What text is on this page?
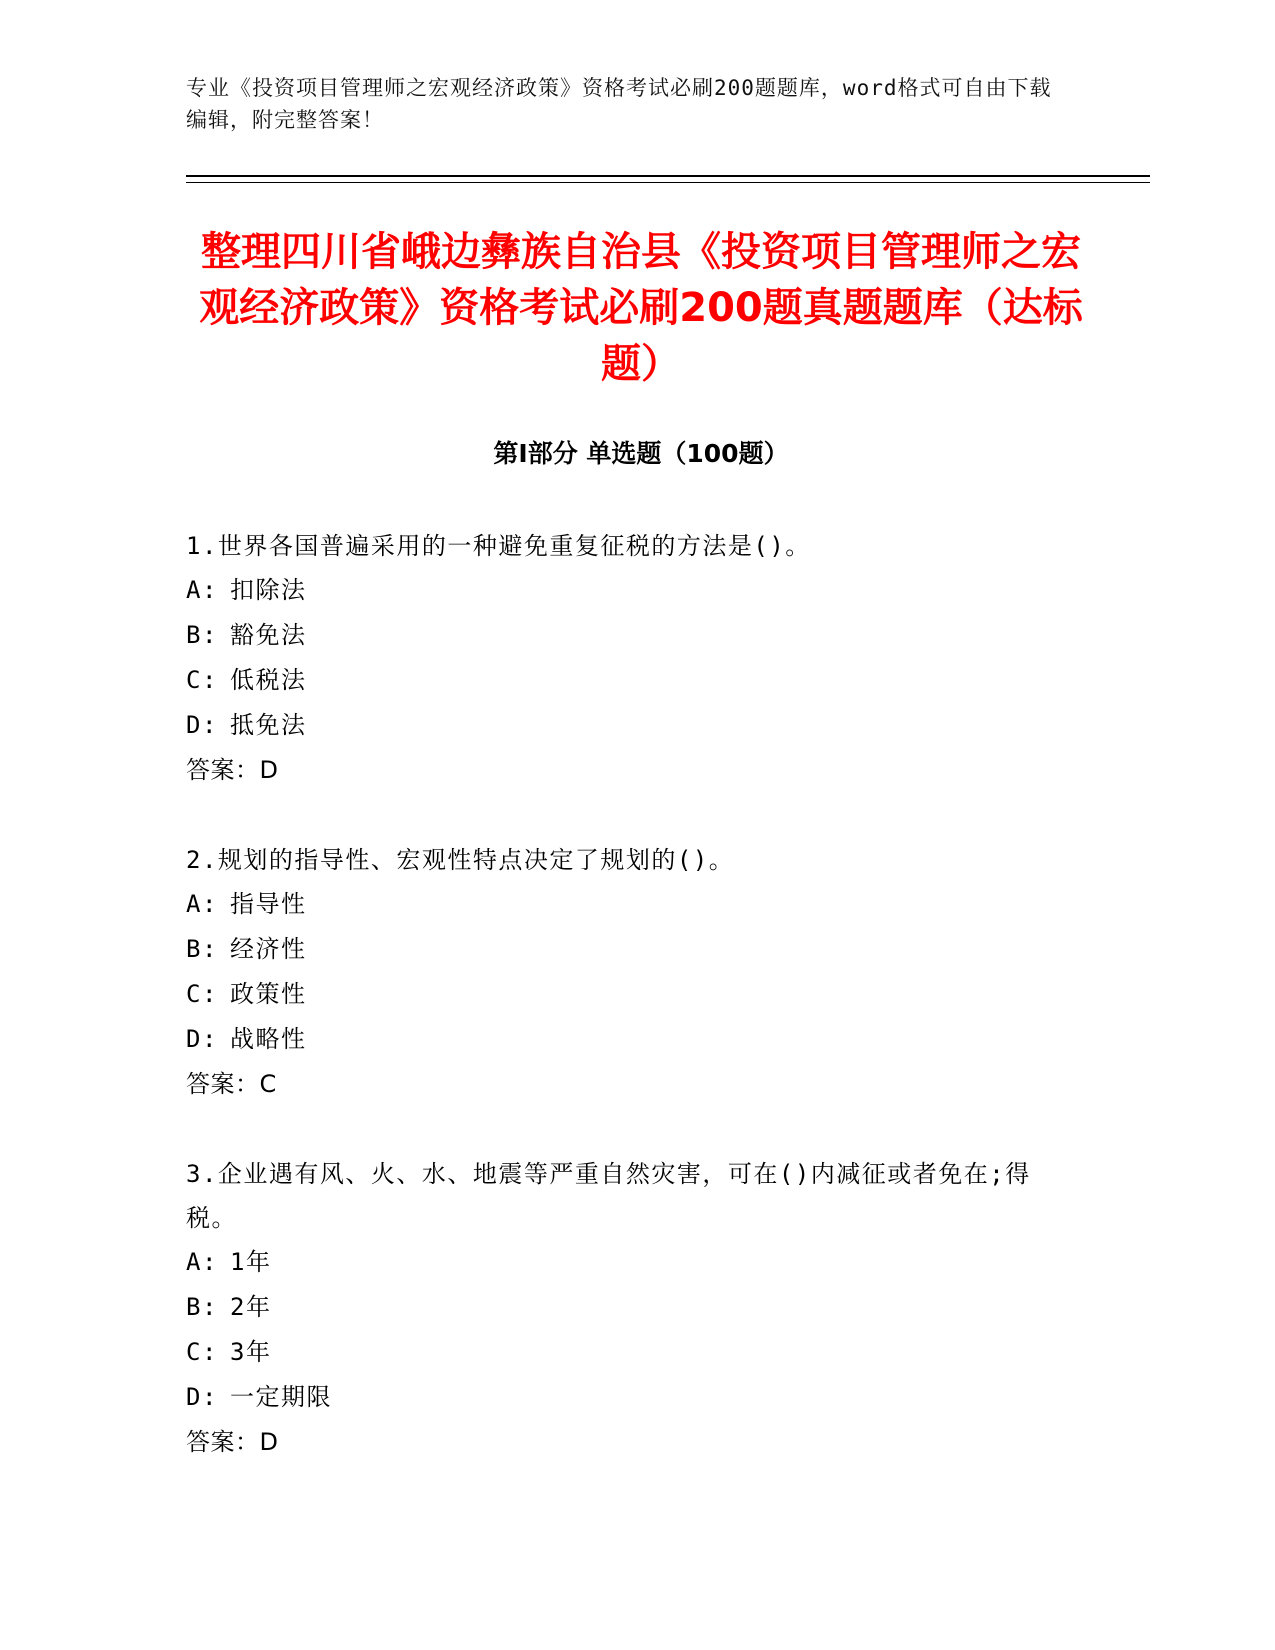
专业《投资项目管理师之宏观经济政策》资格考试必刷200题题库，word格式可自由下载编辑，附完整答案！

整理四川省峨边彝族自治县《投资项目管理师之宏观经济政策》资格考试必刷200题真题题库（达标题）
第I部分 单选题（100题）

1.世界各国普遍采用的一种避免重复征税的方法是()。

A: 扣除法

B: 豁免法

C: 低税法

D: 抵免法

答案：D

2.规划的指导性、宏观性特点决定了规划的()。

A: 指导性

B: 经济性

C: 政策性

D: 战略性

答案：C

3.企业遇有风、火、水、地震等严重自然灾害，可在()内减征或者免在;得税。

A: 1年

B: 2年

C: 3年

D: 一定期限

答案：D
